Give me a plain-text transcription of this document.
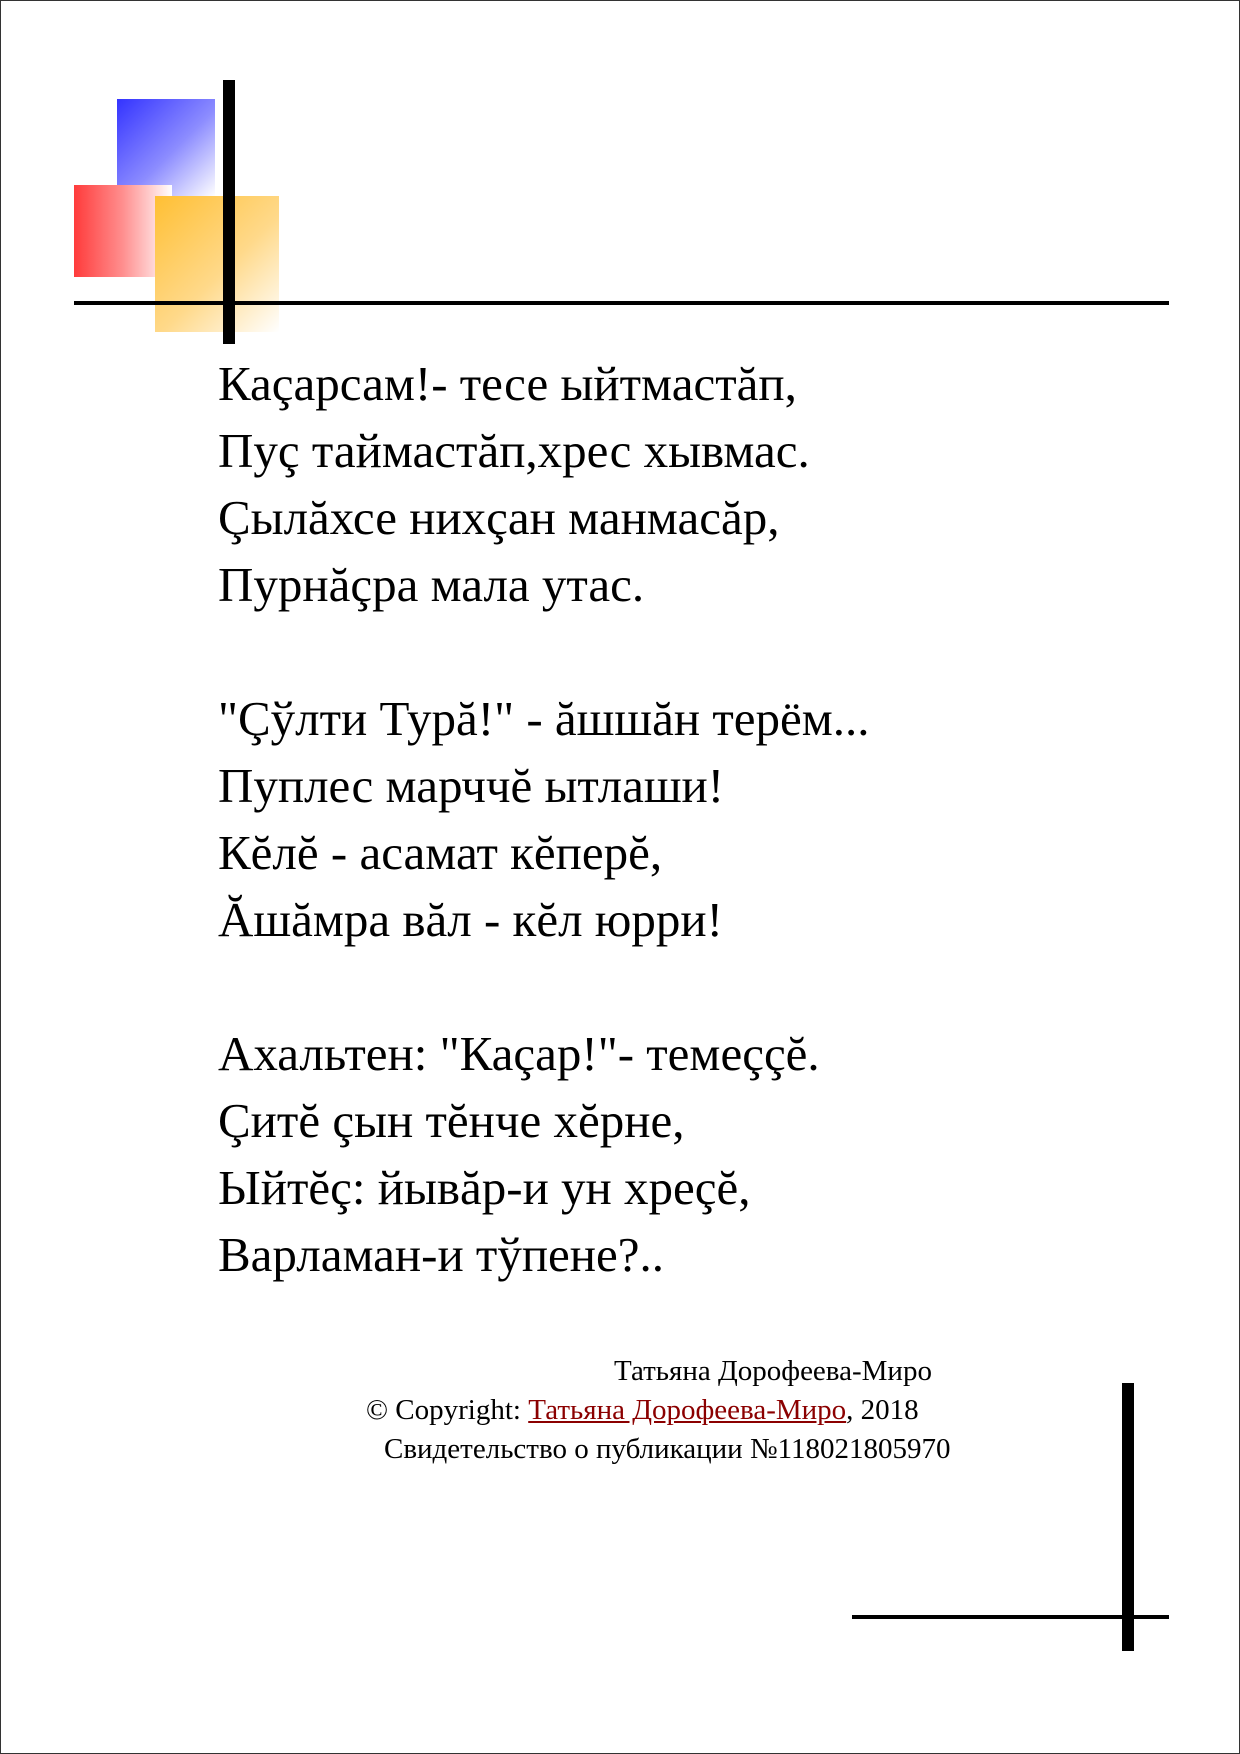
Каçарсам!- тесе ыйтмастăп,
Пуç таймастăп,хрес хывмас.
Çылăхсе нихçан манмасăр,
Пурнăçра мала утас.
"Çўлти Турă!" - ăшшăн терём...
Пуплес марччĕ ытлаши!
Кĕлĕ - асамат кĕперĕ,
Ăшăмра вăл - кĕл юрри!
Ахальтен: "Каçар!"- темеççĕ.
Çитĕ çын тĕнче хĕрне,
Ыйтĕç: йывăр-и ун хреçĕ,
Варламан-и тўпене?..
Татьяна Дорофеева-Миро
© Copyright: Татьяна Дорофеева-Миро, 2018
Свидетельство о публикации №118021805970
